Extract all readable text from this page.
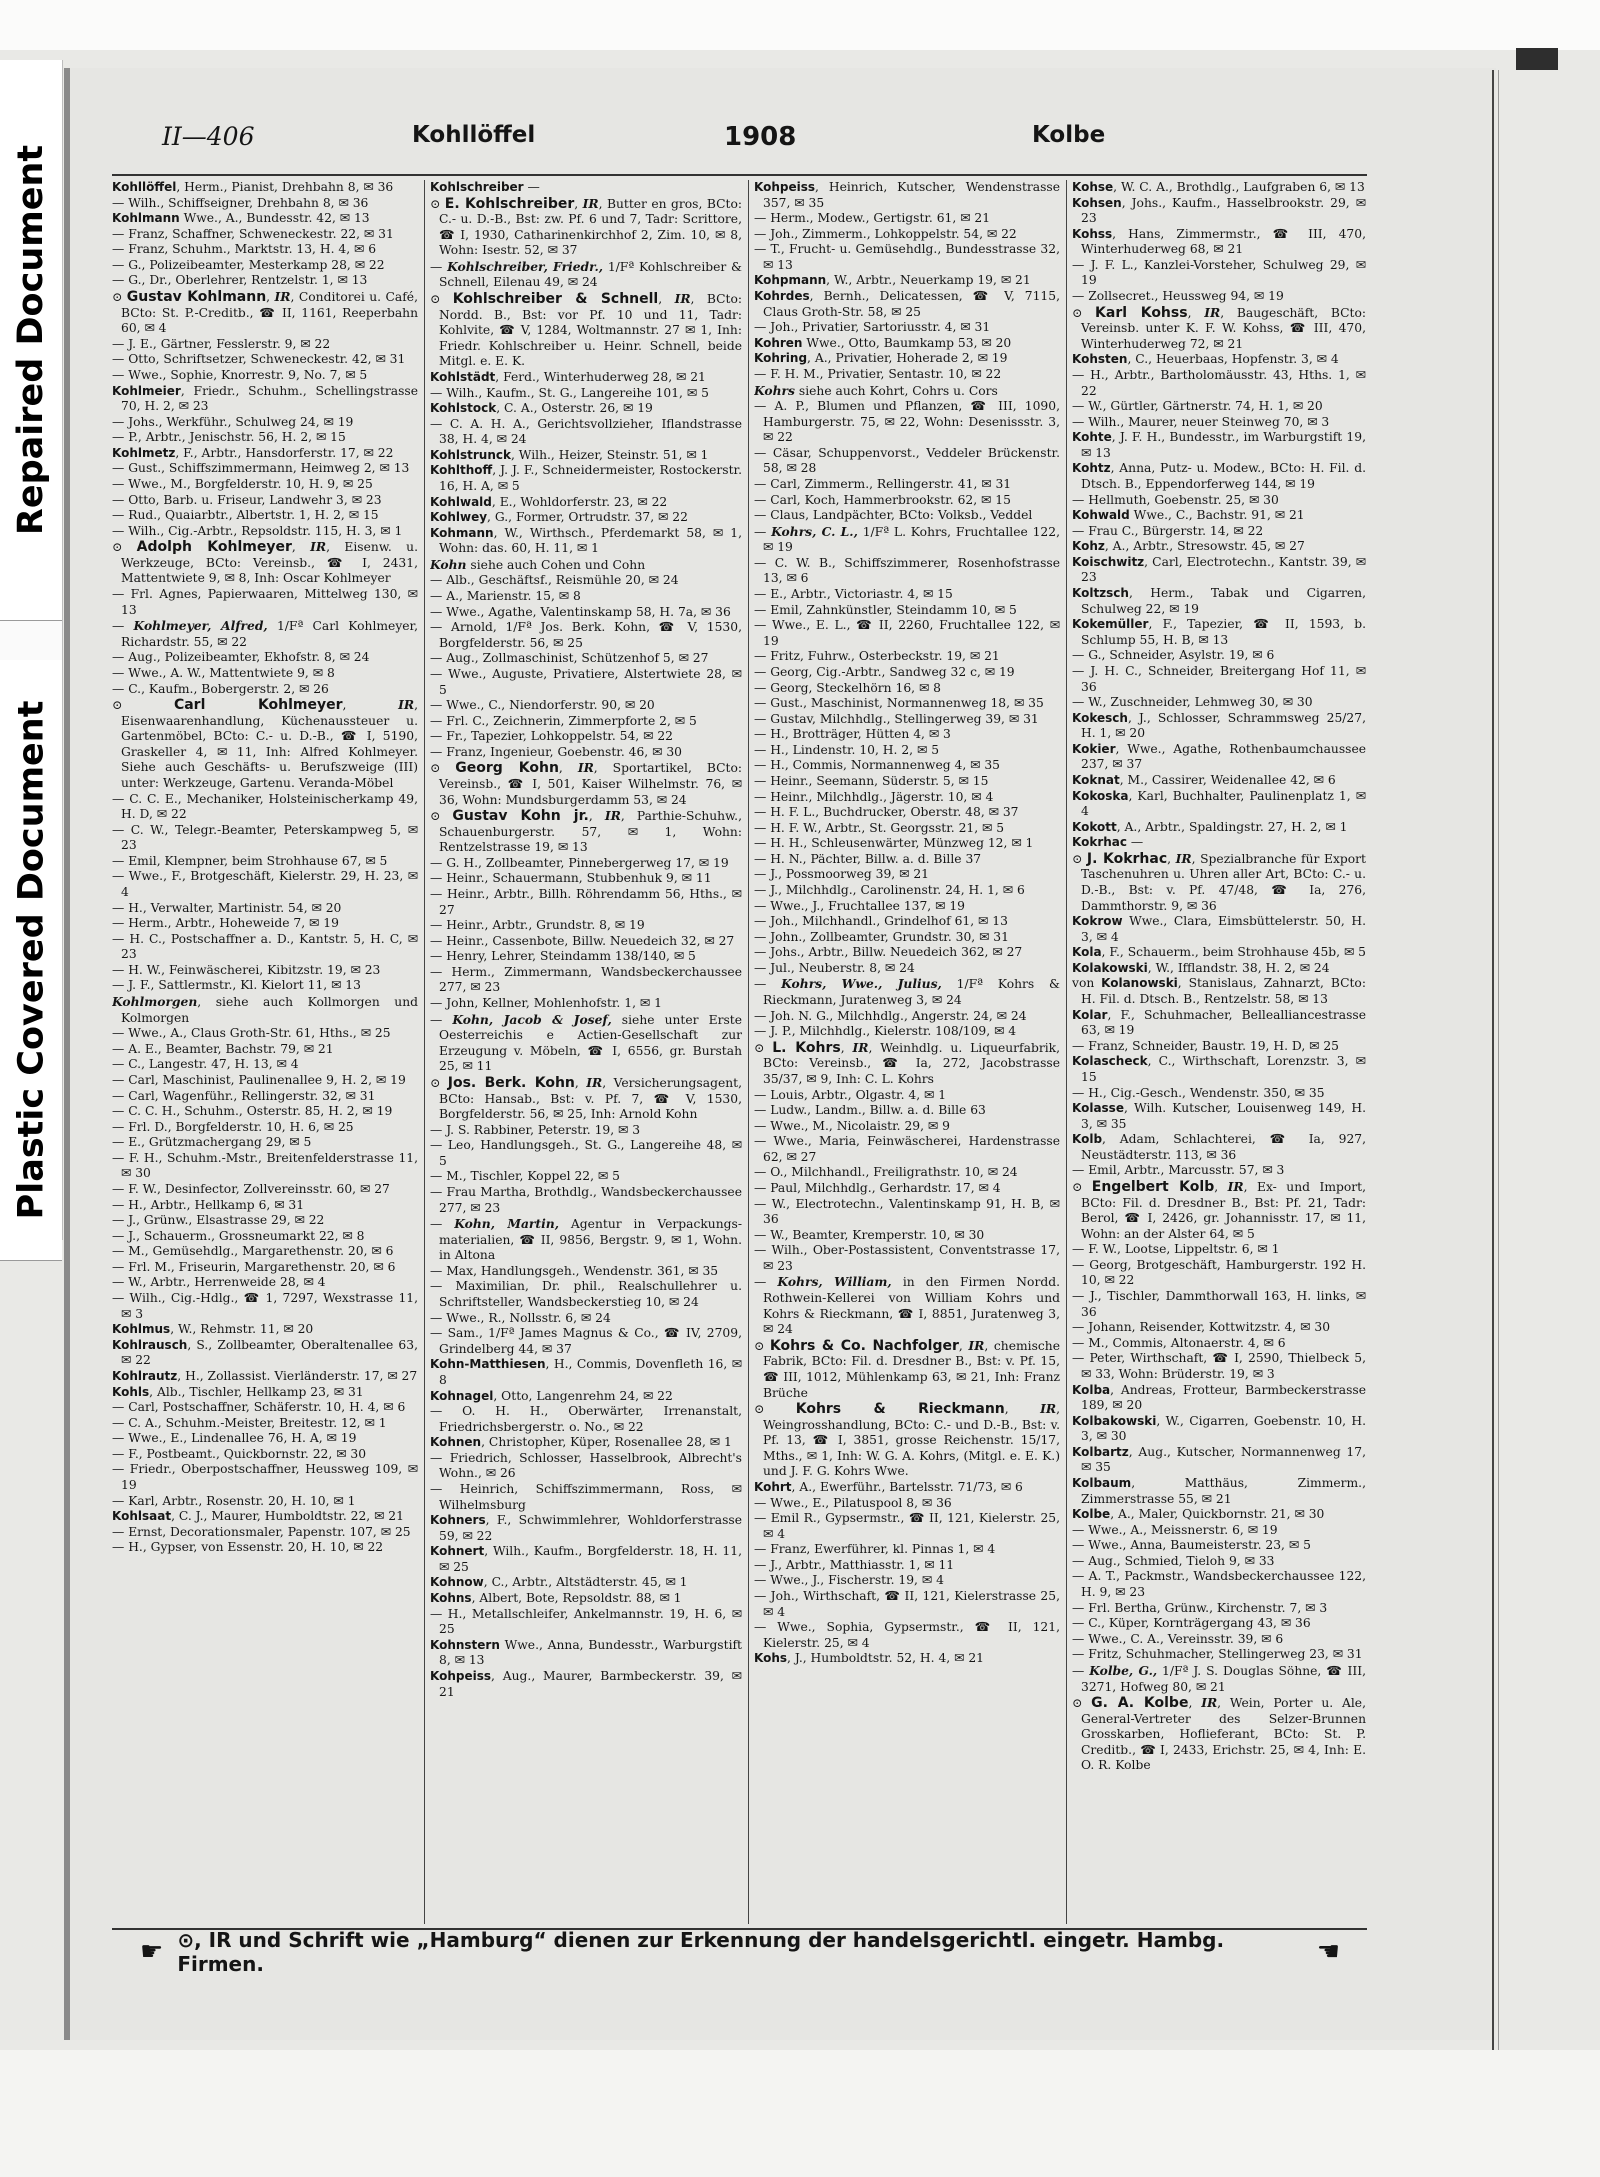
Repaired Document
Plastic Covered Document
II—406	Kohllöffel	1908	Kolbe

Kohllöffel, Herm., Pianist, Drehbahn 8, ✉ 36

— Wilh., Schiffseigner, Drehbahn 8, ✉ 36

Kohlmann Wwe., A., Bundesstr. 42, ✉ 13

— Franz, Schaffner, Schweneckestr. 22, ✉ 31

— Franz, Schuhm., Marktstr. 13, H. 4, ✉ 6

— G., Polizeibeamter, Mesterkamp 28, ✉ 22

— G., Dr., Oberlehrer, Rentzelstr. 1, ✉ 13

⊙ Gustav Kohlmann, IR, Conditorei u. Café, BCto: St. P.-Creditb., ☎ II, 1161, Reeperbahn 60, ✉ 4

— J. E., Gärtner, Fesslerstr. 9, ✉ 22

— Otto, Schriftsetzer, Schweneckestr. 42, ✉ 31

— Wwe., Sophie, Knorrestr. 9, No. 7, ✉ 5

Kohlmeier, Friedr., Schuhm., Schellingstrasse 70, H. 2, ✉ 23

— Johs., Werkführ., Schulweg 24, ✉ 19

— P., Arbtr., Jenischstr. 56, H. 2, ✉ 15

Kohlmetz, F., Arbtr., Hansdorferstr. 17, ✉ 22

— Gust., Schiffszimmermann, Heimweg 2, ✉ 13

— Wwe., M., Borgfelderstr. 10, H. 9, ✉ 25

— Otto, Barb. u. Friseur, Landwehr 3, ✉ 23

— Rud., Quaiarbtr., Albertstr. 1, H. 2, ✉ 15

— Wilh., Cig.-Arbtr., Repsoldstr. 115, H. 3, ✉ 1

⊙ Adolph Kohlmeyer, IR, Eisenw. u. Werkzeuge, BCto: Vereinsb., ☎ I, 2431, Mattentwiete 9, ✉ 8, Inh: Oscar Kohlmeyer

— Frl. Agnes, Papierwaaren, Mittelweg 130, ✉ 13

— Kohlmeyer, Alfred, 1/Fª Carl Kohlmeyer, Richardstr. 55, ✉ 22

— Aug., Polizeibeamter, Ekhofstr. 8, ✉ 24

— Wwe., A. W., Mattentwiete 9, ✉ 8

— C., Kaufm., Bobergerstr. 2, ✉ 26

⊙ Carl Kohlmeyer, IR, Eisenwaarenhandlung, Küchenaussteuer u. Gartenmöbel, BCto: C.- u. D.-B., ☎ I, 5190, Graskeller 4, ✉ 11, Inh: Alfred Kohlmeyer. Siehe auch Geschäfts- u. Berufszweige (III) unter: Werkzeuge, Gartenu. Veranda-Möbel

— C. C. E., Mechaniker, Holsteinischerkamp 49, H. D, ✉ 22

— C. W., Telegr.-Beamter, Peterskampweg 5, ✉ 23

— Emil, Klempner, beim Strohhause 67, ✉ 5

— Wwe., F., Brotgeschäft, Kielerstr. 29, H. 23, ✉ 4

— H., Verwalter, Martinistr. 54, ✉ 20

— Herm., Arbtr., Hoheweide 7, ✉ 19

— H. C., Postschaffner a. D., Kantstr. 5, H. C, ✉ 23

— H. W., Feinwäscherei, Kibitzstr. 19, ✉ 23

— J. F., Sattlermstr., Kl. Kielort 11, ✉ 13

Kohlmorgen, siehe auch Kollmorgen und Kolmorgen

— Wwe., A., Claus Groth-Str. 61, Hths., ✉ 25

— A. E., Beamter, Bachstr. 79, ✉ 21

— C., Langestr. 47, H. 13, ✉ 4

— Carl, Maschinist, Paulinenallee 9, H. 2, ✉ 19

— Carl, Wagenführ., Rellingerstr. 32, ✉ 31

— C. C. H., Schuhm., Osterstr. 85, H. 2, ✉ 19

— Frl. D., Borgfelderstr. 10, H. 6, ✉ 25

— E., Grützmachergang 29, ✉ 5

— F. H., Schuhm.-Mstr., Breitenfelderstrasse 11, ✉ 30

— F. W., Desinfector, Zollvereinsstr. 60, ✉ 27

— H., Arbtr., Hellkamp 6, ✉ 31

— J., Grünw., Elsastrasse 29, ✉ 22

— J., Schauerm., Grossneumarkt 22, ✉ 8

— M., Gemüsehdlg., Margarethenstr. 20, ✉ 6

— Frl. M., Friseurin, Margarethenstr. 20, ✉ 6

— W., Arbtr., Herrenweide 28, ✉ 4

— Wilh., Cig.-Hdlg., ☎ 1, 7297, Wexstrasse 11, ✉ 3

Kohlmus, W., Rehmstr. 11, ✉ 20

Kohlrausch, S., Zollbeamter, Oberaltenallee 63, ✉ 22

Kohlrautz, H., Zollassist. Vierländerstr. 17, ✉ 27

Kohls, Alb., Tischler, Hellkamp 23, ✉ 31

— Carl, Postschaffner, Schäferstr. 10, H. 4, ✉ 6

— C. A., Schuhm.-Meister, Breitestr. 12, ✉ 1

— Wwe., E., Lindenallee 76, H. A, ✉ 19

— F., Postbeamt., Quickbornstr. 22, ✉ 30

— Friedr., Oberpostschaffner, Heussweg 109, ✉ 19

— Karl, Arbtr., Rosenstr. 20, H. 10, ✉ 1

Kohlsaat, C. J., Maurer, Humboldtstr. 22, ✉ 21

— Ernst, Decorationsmaler, Papenstr. 107, ✉ 25

— H., Gypser, von Essenstr. 20, H. 10, ✉ 22

Kohlschreiber —

⊙ E. Kohlschreiber, IR, Butter en gros, BCto: C.- u. D.-B., Bst: zw. Pf. 6 und 7, Tadr: Scrittore, ☎ I, 1930, Catharinenkirchhof 2, Zim. 10, ✉ 8, Wohn: Isestr. 52, ✉ 37

— Kohlschreiber, Friedr., 1/Fª Kohlschreiber & Schnell, Eilenau 49, ✉ 24

⊙ Kohlschreiber & Schnell, IR, BCto: Nordd. B., Bst: vor Pf. 10 und 11, Tadr: Kohlvite, ☎ V, 1284, Woltmannstr. 27 ✉ 1, Inh: Friedr. Kohlschreiber u. Heinr. Schnell, beide Mitgl. e. E. K.

Kohlstädt, Ferd., Winterhuderweg 28, ✉ 21

— Wilh., Kaufm., St. G., Langereihe 101, ✉ 5

Kohlstock, C. A., Osterstr. 26, ✉ 19

— C. A. H. A., Gerichtsvollzieher, Iflandstrasse 38, H. 4, ✉ 24

Kohlstrunck, Wilh., Heizer, Steinstr. 51, ✉ 1

Kohlthoff, J. J. F., Schneidermeister, Rostockerstr. 16, H. A, ✉ 5

Kohlwald, E., Wohldorferstr. 23, ✉ 22

Kohlwey, G., Former, Ortrudstr. 37, ✉ 22

Kohmann, W., Wirthsch., Pferdemarkt 58, ✉ 1, Wohn: das. 60, H. 11, ✉ 1

Kohn siehe auch Cohen und Cohn

— Alb., Geschäftsf., Reismühle 20, ✉ 24

— A., Marienstr. 15, ✉ 8

— Wwe., Agathe, Valentinskamp 58, H. 7a, ✉ 36

— Arnold, 1/Fª Jos. Berk. Kohn, ☎ V, 1530, Borgfelderstr. 56, ✉ 25

— Aug., Zollmaschinist, Schützenhof 5, ✉ 27

— Wwe., Auguste, Privatiere, Alstertwiete 28, ✉ 5

— Wwe., C., Niendorferstr. 90, ✉ 20

— Frl. C., Zeichnerin, Zimmerpforte 2, ✉ 5

— Fr., Tapezier, Lohkoppelstr. 54, ✉ 22

— Franz, Ingenieur, Goebenstr. 46, ✉ 30

⊙ Georg Kohn, IR, Sportartikel, BCto: Vereinsb., ☎ I, 501, Kaiser Wilhelmstr. 76, ✉ 36, Wohn: Mundsburgerdamm 53, ✉ 24

⊙ Gustav Kohn jr., IR, Parthie-Schuhw., Schauenburgerstr. 57, ✉ 1, Wohn: Rentzelstrasse 19, ✉ 13

— G. H., Zollbeamter, Pinnebergerweg 17, ✉ 19

— Heinr., Schauermann, Stubbenhuk 9, ✉ 11

— Heinr., Arbtr., Billh. Röhrendamm 56, Hths., ✉ 27

— Heinr., Arbtr., Grundstr. 8, ✉ 19

— Heinr., Cassenbote, Billw. Neuedeich 32, ✉ 27

— Henry, Lehrer, Steindamm 138/140, ✉ 5

— Herm., Zimmermann, Wandsbeckerchaussee 277, ✉ 23

— John, Kellner, Mohlenhofstr. 1, ✉ 1

— Kohn, Jacob & Josef, siehe unter Erste Oesterreichis e Actien-Gesellschaft zur Erzeugung v. Möbeln, ☎ I, 6556, gr. Burstah 25, ✉ 11

⊙ Jos. Berk. Kohn, IR, Versicherungsagent, BCto: Hansab., Bst: v. Pf. 7, ☎ V, 1530, Borgfelderstr. 56, ✉ 25, Inh: Arnold Kohn

— J. S. Rabbiner, Peterstr. 19, ✉ 3

— Leo, Handlungsgeh., St. G., Langereihe 48, ✉ 5

— M., Tischler, Koppel 22, ✉ 5

— Frau Martha, Brothdlg., Wandsbeckerchaussee 277, ✉ 23

— Kohn, Martin, Agentur in Verpackungs-materialien, ☎ II, 9856, Bergstr. 9, ✉ 1, Wohn. in Altona

— Max, Handlungsgeh., Wendenstr. 361, ✉ 35

— Maximilian, Dr. phil., Realschullehrer u. Schriftsteller, Wandsbeckerstieg 10, ✉ 24

— Wwe., R., Nollsstr. 6, ✉ 24

— Sam., 1/Fª James Magnus & Co., ☎ IV, 2709, Grindelberg 44, ✉ 37

Kohn-Matthiesen, H., Commis, Dovenfleth 16, ✉ 8

Kohnagel, Otto, Langenrehm 24, ✉ 22

— O. H. H., Oberwärter, Irrenanstalt, Friedrichsbergerstr. o. No., ✉ 22

Kohnen, Christopher, Küper, Rosenallee 28, ✉ 1

— Friedrich, Schlosser, Hasselbrook, Albrecht's Wohn., ✉ 26

— Heinrich, Schiffszimmermann, Ross, ✉ Wilhelmsburg

Kohners, F., Schwimmlehrer, Wohldorferstrasse 59, ✉ 22

Kohnert, Wilh., Kaufm., Borgfelderstr. 18, H. 11, ✉ 25

Kohnow, C., Arbtr., Altstädterstr. 45, ✉ 1

Kohns, Albert, Bote, Repsoldstr. 88, ✉ 1

— H., Metallschleifer, Ankelmannstr. 19, H. 6, ✉ 25

Kohnstern Wwe., Anna, Bundesstr., Warburgstift 8, ✉ 13

Kohpeiss, Aug., Maurer, Barmbeckerstr. 39, ✉ 21

Kohpeiss, Heinrich, Kutscher, Wendenstrasse 357, ✉ 35

— Herm., Modew., Gertigstr. 61, ✉ 21

— Joh., Zimmerm., Lohkoppelstr. 54, ✉ 22

— T., Frucht- u. Gemüsehdlg., Bundesstrasse 32, ✉ 13

Kohpmann, W., Arbtr., Neuerkamp 19, ✉ 21

Kohrdes, Bernh., Delicatessen, ☎ V, 7115, Claus Groth-Str. 58, ✉ 25

— Joh., Privatier, Sartoriusstr. 4, ✉ 31

Kohren Wwe., Otto, Baumkamp 53, ✉ 20

Kohring, A., Privatier, Hoherade 2, ✉ 19

— F. H. M., Privatier, Sentastr. 10, ✉ 22

Kohrs siehe auch Kohrt, Cohrs u. Cors

— A. P., Blumen und Pflanzen, ☎ III, 1090, Hamburgerstr. 75, ✉ 22, Wohn: Desenissstr. 3, ✉ 22

— Cäsar, Schuppenvorst., Veddeler Brückenstr. 58, ✉ 28

— Carl, Zimmerm., Rellingerstr. 41, ✉ 31

— Carl, Koch, Hammerbrookstr. 62, ✉ 15

— Claus, Landpächter, BCto: Volksb., Veddel

— Kohrs, C. L., 1/Fª L. Kohrs, Fruchtallee 122, ✉ 19

— C. W. B., Schiffszimmerer, Rosenhofstrasse 13, ✉ 6

— E., Arbtr., Victoriastr. 4, ✉ 15

— Emil, Zahnkünstler, Steindamm 10, ✉ 5

— Wwe., E. L., ☎ II, 2260, Fruchtallee 122, ✉ 19

— Fritz, Fuhrw., Osterbeckstr. 19, ✉ 21

— Georg, Cig.-Arbtr., Sandweg 32 c, ✉ 19

— Georg, Steckelhörn 16, ✉ 8

— Gust., Maschinist, Normannenweg 18, ✉ 35

— Gustav, Milchhdlg., Stellingerweg 39, ✉ 31

— H., Brotträger, Hütten 4, ✉ 3

— H., Lindenstr. 10, H. 2, ✉ 5

— H., Commis, Normannenweg 4, ✉ 35

— Heinr., Seemann, Süderstr. 5, ✉ 15

— Heinr., Milchhdlg., Jägerstr. 10, ✉ 4

— H. F. L., Buchdrucker, Oberstr. 48, ✉ 37

— H. F. W., Arbtr., St. Georgsstr. 21, ✉ 5

— H. H., Schleusenwärter, Münzweg 12, ✉ 1

— H. N., Pächter, Billw. a. d. Bille 37

— J., Possmoorweg 39, ✉ 21

— J., Milchhdlg., Carolinenstr. 24, H. 1, ✉ 6

— Wwe., J., Fruchtallee 137, ✉ 19

— Joh., Milchhandl., Grindelhof 61, ✉ 13

— John., Zollbeamter, Grundstr. 30, ✉ 31

— Johs., Arbtr., Billw. Neuedeich 362, ✉ 27

— Jul., Neuberstr. 8, ✉ 24

— Kohrs, Wwe., Julius, 1/Fª Kohrs & Rieckmann, Juratenweg 3, ✉ 24

— Joh. N. G., Milchhdlg., Angerstr. 24, ✉ 24

— J. P., Milchhdlg., Kielerstr. 108/109, ✉ 4

⊙ L. Kohrs, IR, Weinhdlg. u. Liqueurfabrik, BCto: Vereinsb., ☎ Ia, 272, Jacobstrasse 35/37, ✉ 9, Inh: C. L. Kohrs

— Louis, Arbtr., Olgastr. 4, ✉ 1

— Ludw., Landm., Billw. a. d. Bille 63

— Wwe., M., Nicolaistr. 29, ✉ 9

— Wwe., Maria, Feinwäscherei, Hardenstrasse 62, ✉ 27

— O., Milchhandl., Freiligrathstr. 10, ✉ 24

— Paul, Milchhdlg., Gerhardstr. 17, ✉ 4

— W., Electrotechn., Valentinskamp 91, H. B, ✉ 36

— W., Beamter, Kremperstr. 10, ✉ 30

— Wilh., Ober-Postassistent, Conventstrasse 17, ✉ 23

— Kohrs, William, in den Firmen Nordd. Rothwein-Kellerei von William Kohrs und Kohrs & Rieckmann, ☎ I, 8851, Juratenweg 3, ✉ 24

⊙ Kohrs & Co. Nachfolger, IR, chemische Fabrik, BCto: Fil. d. Dresdner B., Bst: v. Pf. 15, ☎ III, 1012, Mühlenkamp 63, ✉ 21, Inh: Franz Brüche

⊙ Kohrs & Rieckmann, IR, Weingrosshandlung, BCto: C.- und D.-B., Bst: v. Pf. 13, ☎ I, 3851, grosse Reichenstr. 15/17, Mths., ✉ 1, Inh: W. G. A. Kohrs, (Mitgl. e. E. K.) und J. F. G. Kohrs Wwe.

Kohrt, A., Ewerführ., Bartelsstr. 71/73, ✉ 6

— Wwe., E., Pilatuspool 8, ✉ 36

— Emil R., Gypsermstr., ☎ II, 121, Kielerstr. 25, ✉ 4

— Franz, Ewerführer, kl. Pinnas 1, ✉ 4

— J., Arbtr., Matthiasstr. 1, ✉ 11

— Wwe., J., Fischerstr. 19, ✉ 4

— Joh., Wirthschaft, ☎ II, 121, Kielerstrasse 25, ✉ 4

— Wwe., Sophia, Gypsermstr., ☎ II, 121, Kielerstr. 25, ✉ 4

Kohs, J., Humboldtstr. 52, H. 4, ✉ 21

Kohse, W. C. A., Brothdlg., Laufgraben 6, ✉ 13

Kohsen, Johs., Kaufm., Hasselbrookstr. 29, ✉ 23

Kohss, Hans, Zimmermstr., ☎ III, 470, Winterhuderweg 68, ✉ 21

— J. F. L., Kanzlei-Vorsteher, Schulweg 29, ✉ 19

— Zollsecret., Heussweg 94, ✉ 19

⊙ Karl Kohss, IR, Baugeschäft, BCto: Vereinsb. unter K. F. W. Kohss, ☎ III, 470, Winterhuderweg 72, ✉ 21

Kohsten, C., Heuerbaas, Hopfenstr. 3, ✉ 4

— H., Arbtr., Bartholomäusstr. 43, Hths. 1, ✉ 22

— W., Gürtler, Gärtnerstr. 74, H. 1, ✉ 20

— Wilh., Maurer, neuer Steinweg 70, ✉ 3

Kohte, J. F. H., Bundesstr., im Warburgstift 19, ✉ 13

Kohtz, Anna, Putz- u. Modew., BCto: H. Fil. d. Dtsch. B., Eppendorferweg 144, ✉ 19

— Hellmuth, Goebenstr. 25, ✉ 30

Kohwald Wwe., C., Bachstr. 91, ✉ 21

— Frau C., Bürgerstr. 14, ✉ 22

Kohz, A., Arbtr., Stresowstr. 45, ✉ 27

Koischwitz, Carl, Electrotechn., Kantstr. 39, ✉ 23

Koltzsch, Herm., Tabak und Cigarren, Schulweg 22, ✉ 19

Kokemüller, F., Tapezier, ☎ II, 1593, b. Schlump 55, H. B, ✉ 13

— G., Schneider, Asylstr. 19, ✉ 6

— J. H. C., Schneider, Breitergang Hof 11, ✉ 36

— W., Zuschneider, Lehmweg 30, ✉ 30

Kokesch, J., Schlosser, Schrammsweg 25/27, H. 1, ✉ 20

Kokier, Wwe., Agathe, Rothenbaumchaussee 237, ✉ 37

Koknat, M., Cassirer, Weidenallee 42, ✉ 6

Kokoska, Karl, Buchhalter, Paulinenplatz 1, ✉ 4

Kokott, A., Arbtr., Spaldingstr. 27, H. 2, ✉ 1

Kokrhac —

⊙ J. Kokrhac, IR, Spezialbranche für Export Taschenuhren u. Uhren aller Art, BCto: C.- u. D.-B., Bst: v. Pf. 47/48, ☎ Ia, 276, Dammthorstr. 9, ✉ 36

Kokrow Wwe., Clara, Eimsbüttelerstr. 50, H. 3, ✉ 4

Kola, F., Schauerm., beim Strohhause 45b, ✉ 5

Kolakowski, W., Ifflandstr. 38, H. 2, ✉ 24

von Kolanowski, Stanislaus, Zahnarzt, BCto: H. Fil. d. Dtsch. B., Rentzelstr. 58, ✉ 13

Kolar, F., Schuhmacher, Bellealliancestrasse 63, ✉ 19

— Franz, Schneider, Baustr. 19, H. D, ✉ 25

Kolascheck, C., Wirthschaft, Lorenzstr. 3, ✉ 15

— H., Cig.-Gesch., Wendenstr. 350, ✉ 35

Kolasse, Wilh. Kutscher, Louisenweg 149, H. 3, ✉ 35

Kolb, Adam, Schlachterei, ☎ Ia, 927, Neustädterstr. 113, ✉ 36

— Emil, Arbtr., Marcusstr. 57, ✉ 3

⊙ Engelbert Kolb, IR, Ex- und Import, BCto: Fil. d. Dresdner B., Bst: Pf. 21, Tadr: Berol, ☎ I, 2426, gr. Johannisstr. 17, ✉ 11, Wohn: an der Alster 64, ✉ 5

— F. W., Lootse, Lippeltstr. 6, ✉ 1

— Georg, Brotgeschäft, Hamburgerstr. 192 H. 10, ✉ 22

— J., Tischler, Dammthorwall 163, H. links, ✉ 36

— Johann, Reisender, Kottwitzstr. 4, ✉ 30

— M., Commis, Altonaerstr. 4, ✉ 6

— Peter, Wirthschaft, ☎ I, 2590, Thielbeck 5, ✉ 33, Wohn: Brüderstr. 19, ✉ 3

Kolba, Andreas, Frotteur, Barmbeckerstrasse 189, ✉ 20

Kolbakowski, W., Cigarren, Goebenstr. 10, H. 3, ✉ 30

Kolbartz, Aug., Kutscher, Normannenweg 17, ✉ 35

Kolbaum, Matthäus, Zimmerm., Zimmerstrasse 55, ✉ 21

Kolbe, A., Maler, Quickbornstr. 21, ✉ 30

— Wwe., A., Meissnerstr. 6, ✉ 19

— Wwe., Anna, Baumeisterstr. 23, ✉ 5

— Aug., Schmied, Tieloh 9, ✉ 33

— A. T., Packmstr., Wandsbeckerchaussee 122, H. 9, ✉ 23

— Frl. Bertha, Grünw., Kirchenstr. 7, ✉ 3

— C., Küper, Kornträgergang 43, ✉ 36

— Wwe., C. A., Vereinsstr. 39, ✉ 6

— Fritz, Schuhmacher, Stellingerweg 23, ✉ 31

— Kolbe, G., 1/Fª J. S. Douglas Söhne, ☎ III, 3271, Hofweg 80, ✉ 21

⊙ G. A. Kolbe, IR, Wein, Porter u. Ale, General-Vertreter des Selzer-Brunnen Grosskarben, Hoflieferant, BCto: St. P. Creditb., ☎ I, 2433, Erichstr. 25, ✉ 4, Inh: E. O. R. Kolbe

☛ ⊙, IR und Schrift wie „Hamburg“ dienen zur Erkennung der handelsgerichtl. eingetr. Hambg. Firmen.	☚
